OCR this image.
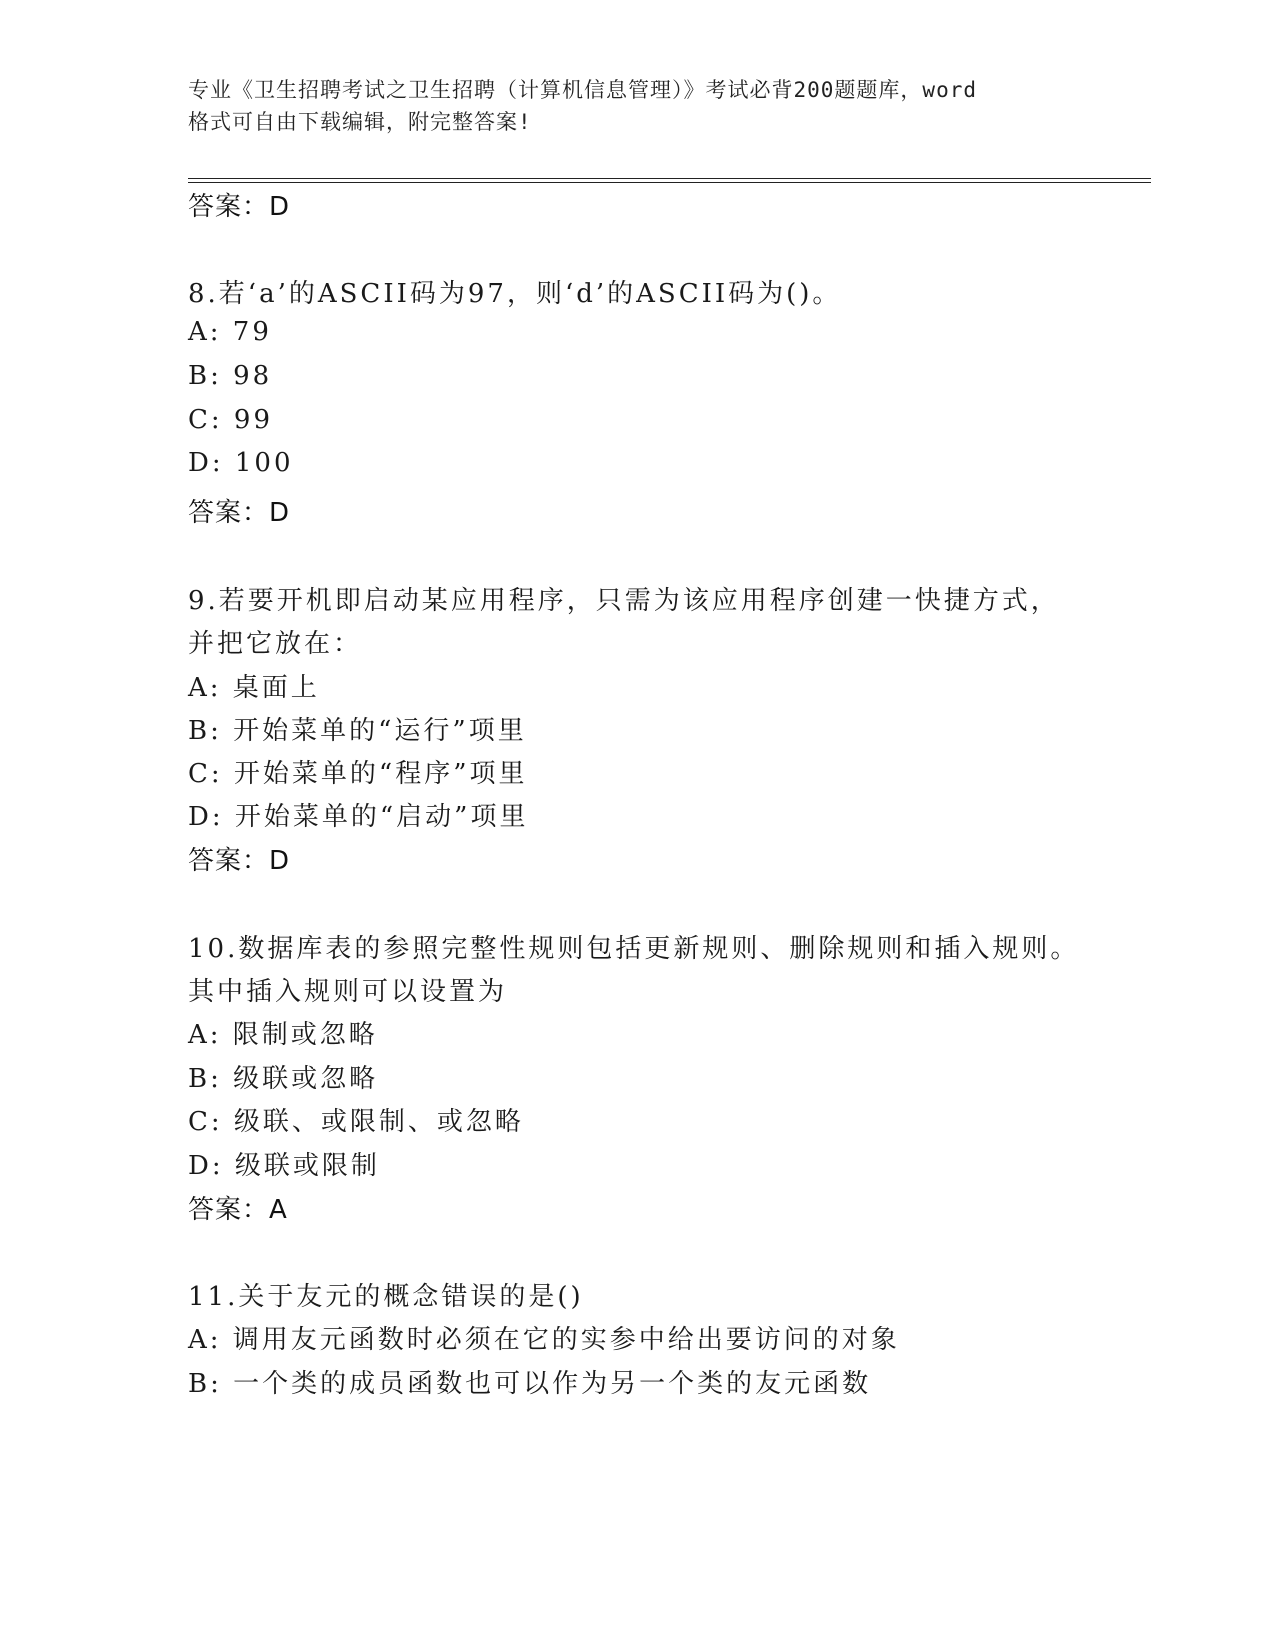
专业《卫生招聘考试之卫生招聘（计算机信息管理）》考试必背200题题库，word
格式可自由下载编辑，附完整答案!
答案：D
8.若‘a’的ASCII码为97，则‘d’的ASCII码为()。
A: 79
B: 98
C: 99
D: 100
答案：D
9.若要开机即启动某应用程序，只需为该应用程序创建一快捷方式，
并把它放在：
A: 桌面上
B: 开始菜单的“运行”项里
C: 开始菜单的“程序”项里
D: 开始菜单的“启动”项里
答案：D
10.数据库表的参照完整性规则包括更新规则、删除规则和插入规则。
其中插入规则可以设置为
A: 限制或忽略
B: 级联或忽略
C: 级联、或限制、或忽略
D: 级联或限制
答案：A
11.关于友元的概念错误的是()
A: 调用友元函数时必须在它的实参中给出要访问的对象
B: 一个类的成员函数也可以作为另一个类的友元函数
